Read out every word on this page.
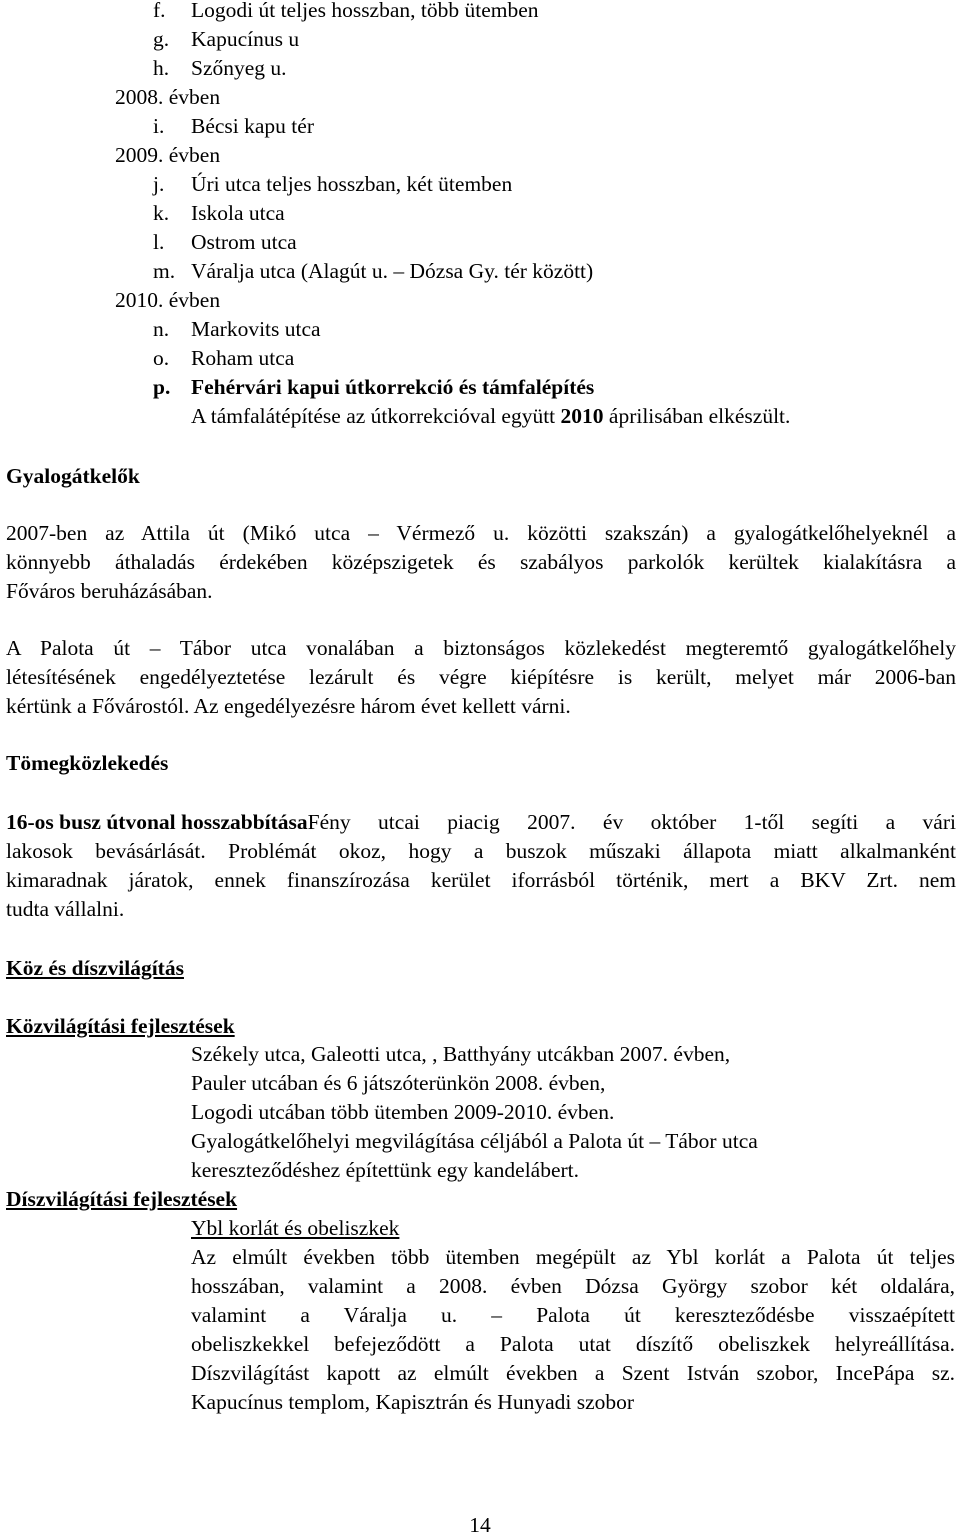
f. Logodi út teljes hosszban, több ütemben
g. Kapucínus u
h. Szőnyeg u.
2008. évben
i. Bécsi kapu tér
2009. évben
j. Úri utca teljes hosszban, két ütemben
k. Iskola utca
l. Ostrom utca
m. Váralja utca (Alagút u. – Dózsa Gy. tér között)
2010. évben
n. Markovits utca
o. Roham utca
p. Fehérvári kapui útkorrekció és támfalépítés
A támfalátépítése az útkorrekcióval együtt 2010 áprilisában elkészült.
Gyalogátkelők
2007-ben az Attila út (Mikó utca – Vérmező u. közötti szakszán) a gyalogátkelőhelyeknél a
könnyebb áthaladás érdekében középszigetek és szabályos parkolók kerültek kialakításra a
Főváros beruházásában.
A Palota út – Tábor utca vonalában a biztonságos közlekedést megteremtő gyalogátkelőhely
létesítésének engedélyeztetése lezárult és végre kiépítésre is került, melyet már 2006-ban
kértünk a Fővárostól. Az engedélyezésre három évet kellett várni.
Tömegközlekedés
16-os busz útvonal hosszabbítása Fény utcai piacig 2007. év október 1-től segíti a vári
lakosok bevásárlását. Problémát okoz, hogy a buszok műszaki állapota miatt alkalmanként
kimaradnak járatok, ennek finanszírozása kerület iforrásból történik, mert a BKV Zrt. nem
tudta vállalni.
Köz és díszvilágítás
Közvilágítási fejlesztések
Székely utca, Galeotti utca, , Batthyány utcákban 2007. évben,
Pauler utcában és 6 játszóterünkön 2008. évben,
Logodi utcában több ütemben 2009-2010. évben.
Gyalogátkelőhelyi megvilágítása céljából a Palota út – Tábor utca
kereszteződéshez építettünk egy kandelábert.
Díszvilágítási fejlesztések
Ybl korlát és obeliszkek
Az elmúlt években több ütemben megépült az Ybl korlát a Palota út teljes
hosszában, valamint a 2008. évben Dózsa György szobor két oldalára,
valamint a Váralja u. – Palota út kereszteződésbe visszaépített
obeliszkekkel befejeződött a Palota utat díszítő obeliszkek helyreállítása.
Díszvilágítást kapott az elmúlt években a Szent István szobor, IncePápa sz.
Kapucínus templom, Kapisztrán és Hunyadi szobor
14
